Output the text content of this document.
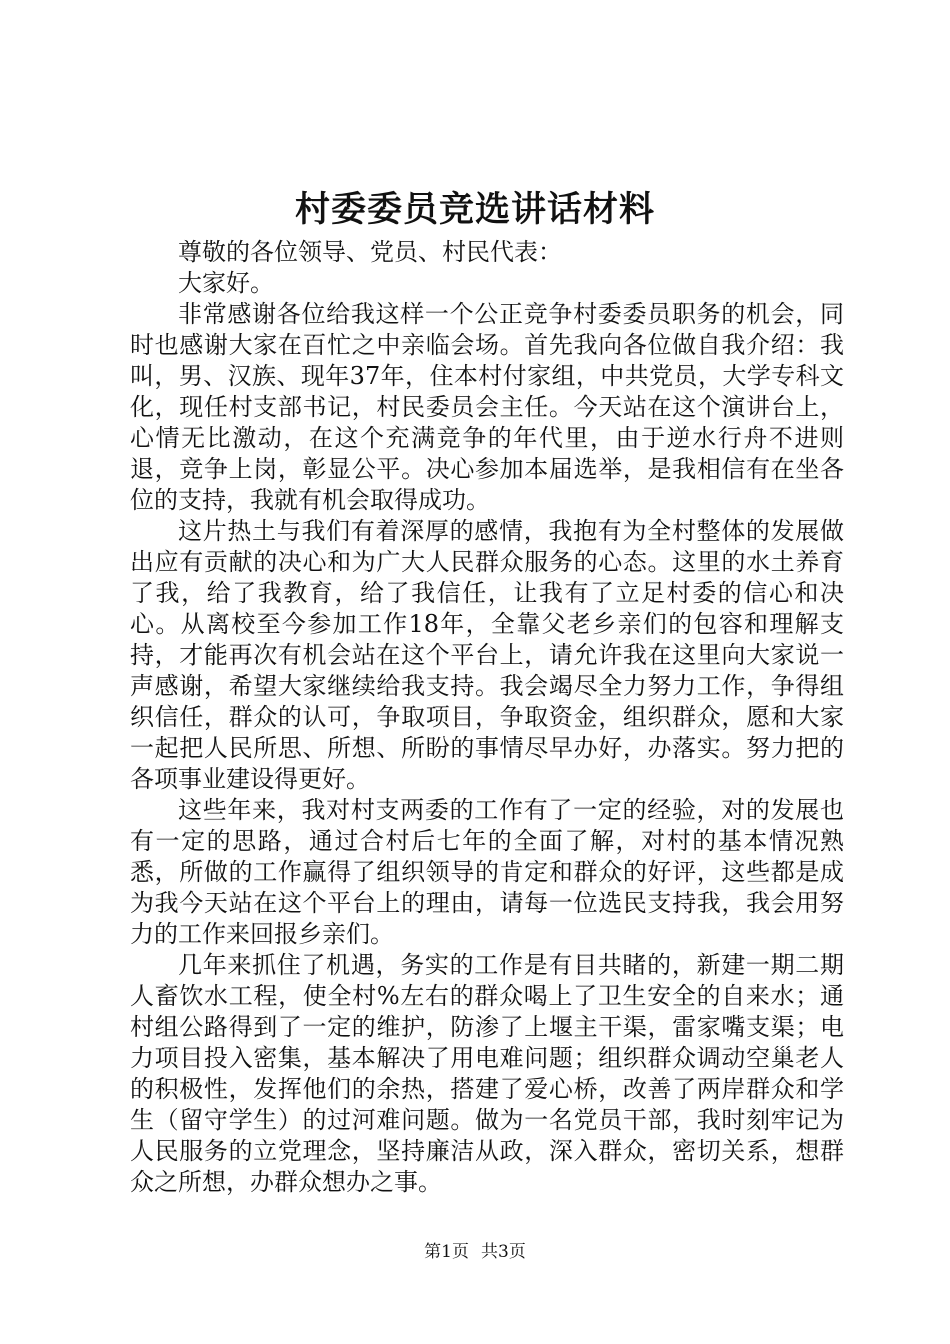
村委委员竞选讲话材料

尊敬的各位领导、党员、村民代表：

大家好。

非常感谢各位给我这样一个公正竞争村委委员职务的机会，同时也感谢大家在百忙之中亲临会场。首先我向各位做自我介绍：我叫，男、汉族、现年37年，住本村付家组，中共党员，大学专科文化，现任村支部书记，村民委员会主任。今天站在这个演讲台上，心情无比激动，在这个充满竞争的年代里，由于逆水行舟不进则退，竞争上岗，彰显公平。决心参加本届选举，是我相信有在坐各位的支持，我就有机会取得成功。

这片热土与我们有着深厚的感情，我抱有为全村整体的发展做出应有贡献的决心和为广大人民群众服务的心态。这里的水土养育了我，给了我教育，给了我信任，让我有了立足村委的信心和决心。从离校至今参加工作18年，全靠父老乡亲们的包容和理解支持，才能再次有机会站在这个平台上，请允许我在这里向大家说一声感谢，希望大家继续给我支持。我会竭尽全力努力工作，争得组织信任，群众的认可，争取项目，争取资金，组织群众，愿和大家一起把人民所思、所想、所盼的事情尽早办好，办落实。努力把的各项事业建设得更好。

这些年来，我对村支两委的工作有了一定的经验，对的发展也有一定的思路，通过合村后七年的全面了解，对村的基本情况熟悉，所做的工作赢得了组织领导的肯定和群众的好评，这些都是成为我今天站在这个平台上的理由，请每一位选民支持我，我会用努力的工作来回报乡亲们。

几年来抓住了机遇，务实的工作是有目共睹的，新建一期二期人畜饮水工程，使全村%左右的群众喝上了卫生安全的自来水；通村组公路得到了一定的维护，防渗了上堰主干渠，雷家嘴支渠；电力项目投入密集，基本解决了用电难问题；组织群众调动空巢老人的积极性，发挥他们的余热，搭建了爱心桥，改善了两岸群众和学生（留守学生）的过河难问题。做为一名党员干部，我时刻牢记为人民服务的立党理念，坚持廉洁从政，深入群众，密切关系，想群众之所想，办群众想办之事。

第1页 共3页
